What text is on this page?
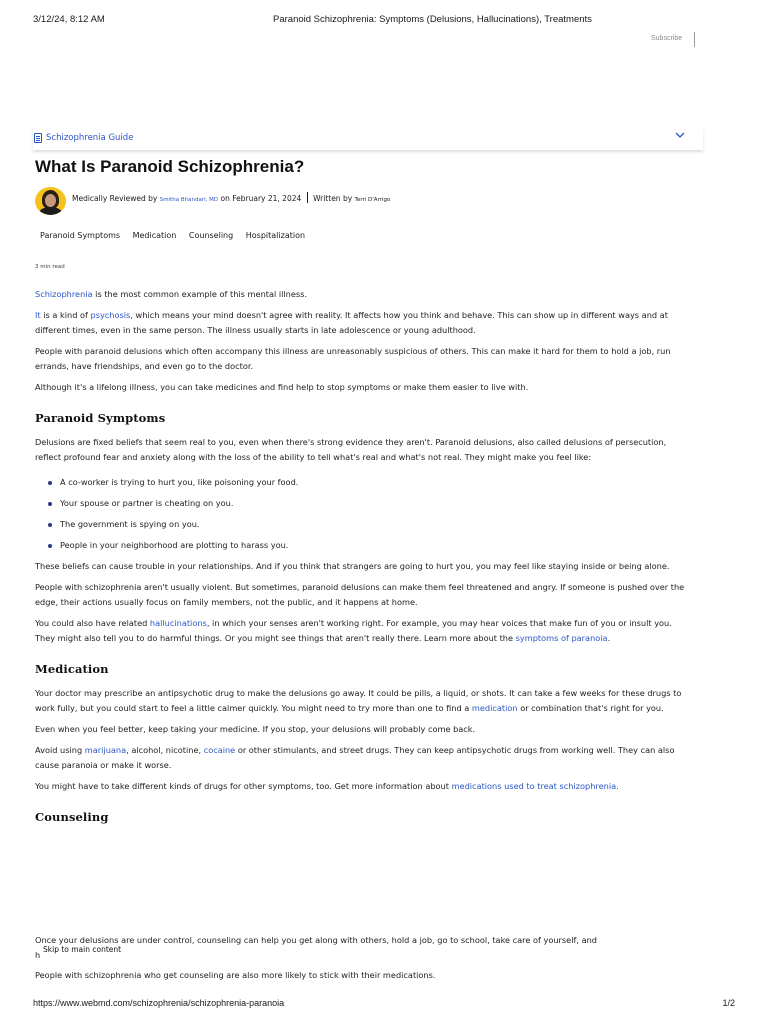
3/12/24, 8:12 AM	Paranoid Schizophrenia: Symptoms (Delusions, Hallucinations), Treatments
Subscribe
Schizophrenia Guide
What Is Paranoid Schizophrenia?
Medically Reviewed by Smitha Bhandari, MD on February 21, 2024 Written by Terri D'Arrigo
Paranoid Symptoms Medication Counseling Hospitalization
3 min read

Schizophrenia is the most common example of this mental illness.

It is a kind of psychosis, which means your mind doesn't agree with reality. It affects how you think and behave. This can show up in different ways and at different times, even in the same person. The illness usually starts in late adolescence or young adulthood.

People with paranoid delusions which often accompany this illness are unreasonably suspicious of others. This can make it hard for them to hold a job, run errands, have friendships, and even go to the doctor.

Although it's a lifelong illness, you can take medicines and find help to stop symptoms or make them easier to live with.

Paranoid Symptoms

Delusions are fixed beliefs that seem real to you, even when there's strong evidence they aren't. Paranoid delusions, also called delusions of persecution, reflect profound fear and anxiety along with the loss of the ability to tell what's real and what's not real. They might make you feel like:

A co-worker is trying to hurt you, like poisoning your food.
Your spouse or partner is cheating on you.
The government is spying on you.
People in your neighborhood are plotting to harass you.

These beliefs can cause trouble in your relationships. And if you think that strangers are going to hurt you, you may feel like staying inside or being alone.

People with schizophrenia aren't usually violent. But sometimes, paranoid delusions can make them feel threatened and angry. If someone is pushed over the edge, their actions usually focus on family members, not the public, and it happens at home.

You could also have related hallucinations, in which your senses aren't working right. For example, you may hear voices that make fun of you or insult you. They might also tell you to do harmful things. Or you might see things that aren't really there. Learn more about the symptoms of paranoia.

Medication

Your doctor may prescribe an antipsychotic drug to make the delusions go away. It could be pills, a liquid, or shots. It can take a few weeks for these drugs to work fully, but you could start to feel a little calmer quickly. You might need to try more than one to find a medication or combination that's right for you.

Even when you feel better, keep taking your medicine. If you stop, your delusions will probably come back.

Avoid using marijuana, alcohol, nicotine, cocaine or other stimulants, and street drugs. They can keep antipsychotic drugs from working well. They can also cause paranoia or make it worse.

You might have to take different kinds of drugs for other symptoms, too. Get more information about medications used to treat schizophrenia.

Counseling
Once your delusions are under control, counseling can help you get along with others, hold a job, go to school, take care of yourself, and
h
Skip to main content
People with schizophrenia who get counseling are also more likely to stick with their medications.
https://www.webmd.com/schizophrenia/schizophrenia-paranoia	1/2
